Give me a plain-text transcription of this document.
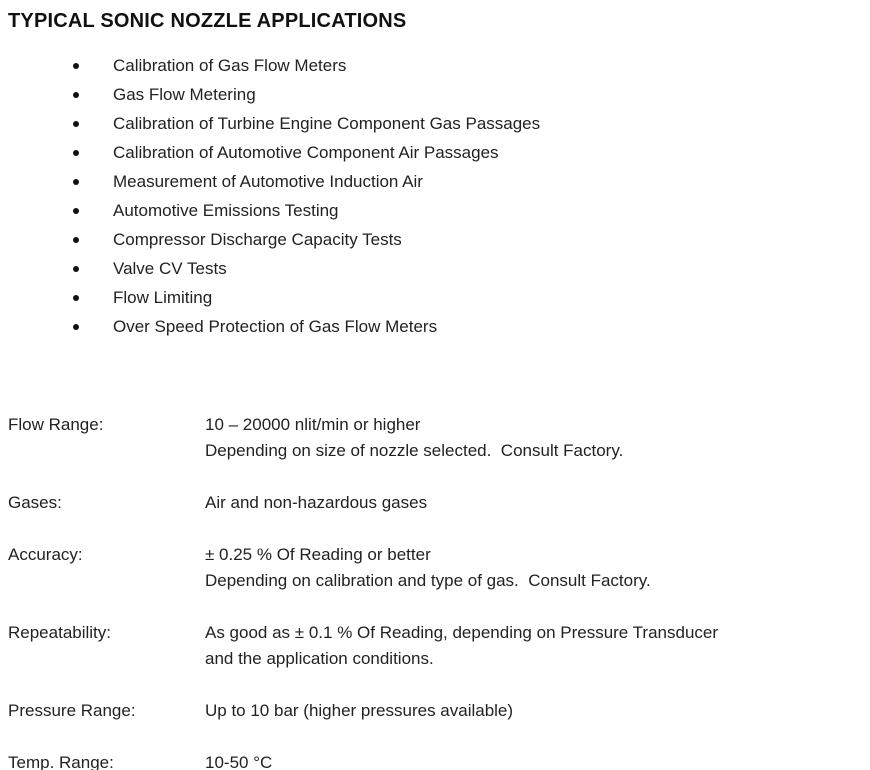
TYPICAL SONIC NOZZLE APPLICATIONS
Calibration of Gas Flow Meters
Gas Flow Metering
Calibration of Turbine Engine Component Gas Passages
Calibration of Automotive Component Air Passages
Measurement of Automotive Induction Air
Automotive Emissions Testing
Compressor Discharge Capacity Tests
Valve CV Tests
Flow Limiting
Over Speed Protection of Gas Flow Meters
Flow Range:	10 – 20000 nlit/min or higher
Depending on size of nozzle selected.  Consult Factory.
Gases:	Air and non-hazardous gases
Accuracy:	± 0.25 % Of Reading or better
Depending on calibration and type of gas.  Consult Factory.
Repeatability:	As good as ± 0.1 % Of Reading, depending on Pressure Transducer
and the application conditions.
Pressure Range:	Up to 10 bar (higher pressures available)
Temp. Range:	10-50 °C
